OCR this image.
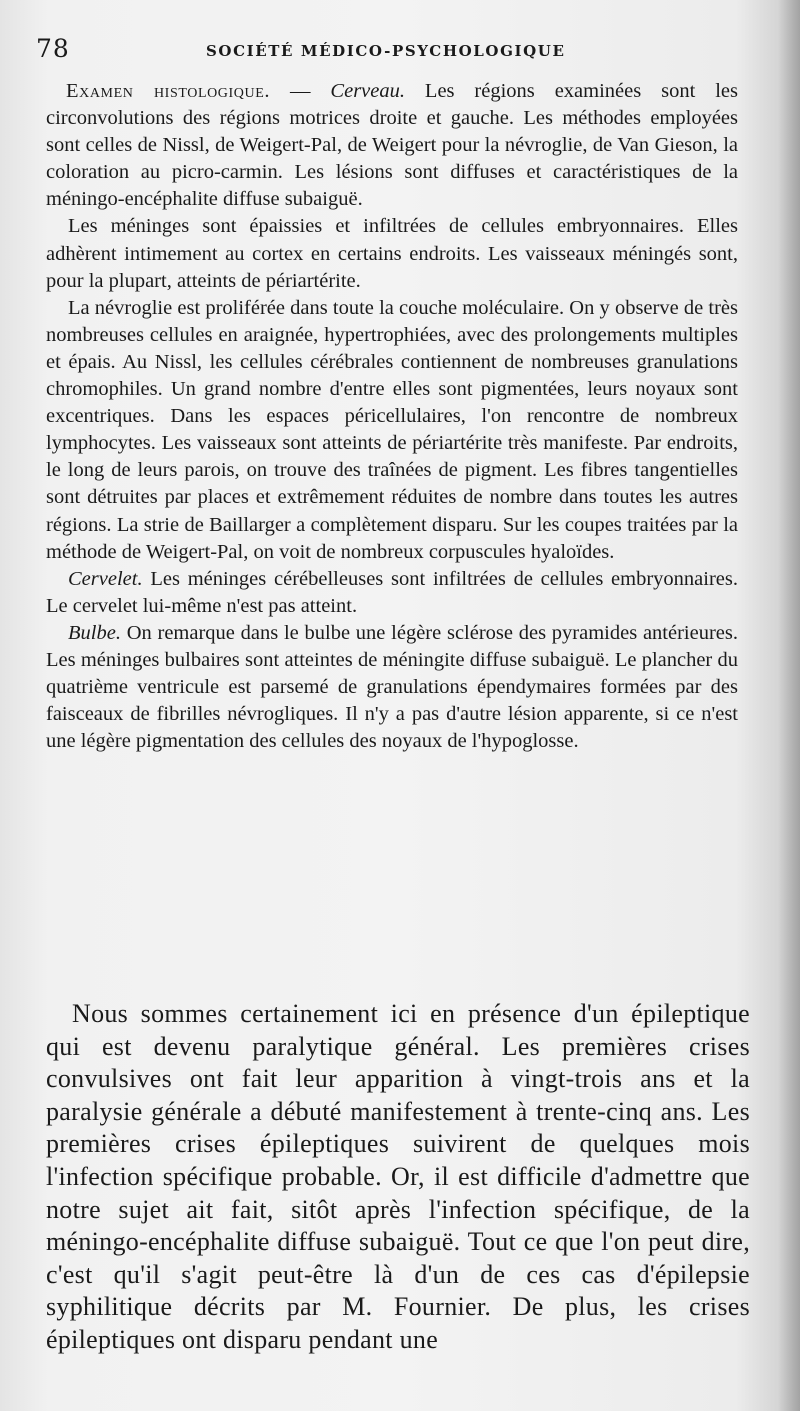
78	SOCIÉTÉ MÉDICO-PSYCHOLOGIQUE

Examen histologique. — Cerveau. Les régions examinées sont les circonvolutions des régions motrices droite et gauche. Les méthodes employées sont celles de Nissl, de Weigert-Pal, de Weigert pour la névroglie, de Van Gieson, la coloration au picro-carmin. Les lésions sont diffuses et caractéristiques de la méningo-encéphalite diffuse subaiguë.

Les méninges sont épaissies et infiltrées de cellules embryonnaires. Elles adhèrent intimement au cortex en certains endroits. Les vaisseaux méningés sont, pour la plupart, atteints de périartérite.

La névroglie est proliférée dans toute la couche moléculaire. On y observe de très nombreuses cellules en araignée, hypertrophiées, avec des prolongements multiples et épais. Au Nissl, les cellules cérébrales contiennent de nombreuses granulations chromophiles. Un grand nombre d'entre elles sont pigmentées, leurs noyaux sont excentriques. Dans les espaces péricellulaires, l'on rencontre de nombreux lymphocytes. Les vaisseaux sont atteints de périartérite très manifeste. Par endroits, le long de leurs parois, on trouve des traînées de pigment. Les fibres tangentielles sont détruites par places et extrêmement réduites de nombre dans toutes les autres régions. La strie de Baillarger a complètement disparu. Sur les coupes traitées par la méthode de Weigert-Pal, on voit de nombreux corpuscules hyaloïdes.

Cervelet. Les méninges cérébelleuses sont infiltrées de cellules embryonnaires. Le cervelet lui-même n'est pas atteint.

Bulbe. On remarque dans le bulbe une légère sclérose des pyramides antérieures. Les méninges bulbaires sont atteintes de méningite diffuse subaiguë. Le plancher du quatrième ventricule est parsemé de granulations épendymaires formées par des faisceaux de fibrilles névrogliques. Il n'y a pas d'autre lésion apparente, si ce n'est une légère pigmentation des cellules des noyaux de l'hypoglosse.

Nous sommes certainement ici en présence d'un épileptique qui est devenu paralytique général. Les premières crises convulsives ont fait leur apparition à vingt-trois ans et la paralysie générale a débuté manifestement à trente-cinq ans. Les premières crises épileptiques suivirent de quelques mois l'infection spécifique probable. Or, il est difficile d'admettre que notre sujet ait fait, sitôt après l'infection spécifique, de la méningo-encéphalite diffuse subaiguë. Tout ce que l'on peut dire, c'est qu'il s'agit peut-être là d'un de ces cas d'épilepsie syphilitique décrits par M. Fournier. De plus, les crises épileptiques ont disparu pendant une
